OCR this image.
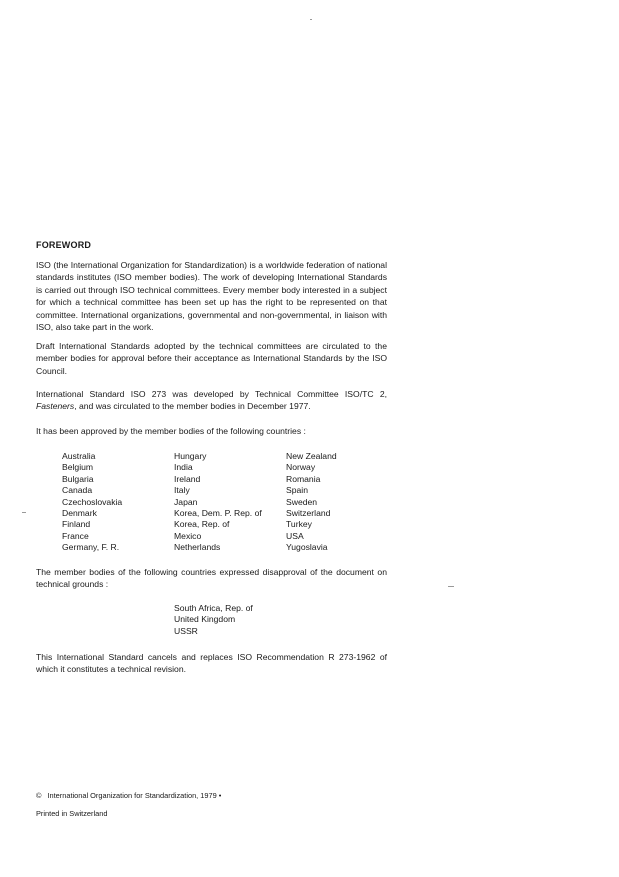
FOREWORD
ISO (the International Organization for Standardization) is a worldwide federation of national standards institutes (ISO member bodies). The work of developing International Standards is carried out through ISO technical committees. Every member body interested in a subject for which a technical committee has been set up has the right to be represented on that committee. International organizations, governmental and non-governmental, in liaison with ISO, also take part in the work.
Draft International Standards adopted by the technical committees are circulated to the member bodies for approval before their acceptance as International Standards by the ISO Council.
International Standard ISO 273 was developed by Technical Committee ISO/TC 2, Fasteners, and was circulated to the member bodies in December 1977.
It has been approved by the member bodies of the following countries :
Australia
Belgium
Bulgaria
Canada
Czechoslovakia
Denmark
Finland
France
Germany, F. R.
Hungary
India
Ireland
Italy
Japan
Korea, Dem. P. Rep. of
Korea, Rep. of
Mexico
Netherlands
New Zealand
Norway
Romania
Spain
Sweden
Switzerland
Turkey
USA
Yugoslavia
The member bodies of the following countries expressed disapproval of the document on technical grounds :
South Africa, Rep. of
United Kingdom
USSR
This International Standard cancels and replaces ISO Recommendation R 273-1962 of which it constitutes a technical revision.
© International Organization for Standardization, 1979 •
Printed in Switzerland
